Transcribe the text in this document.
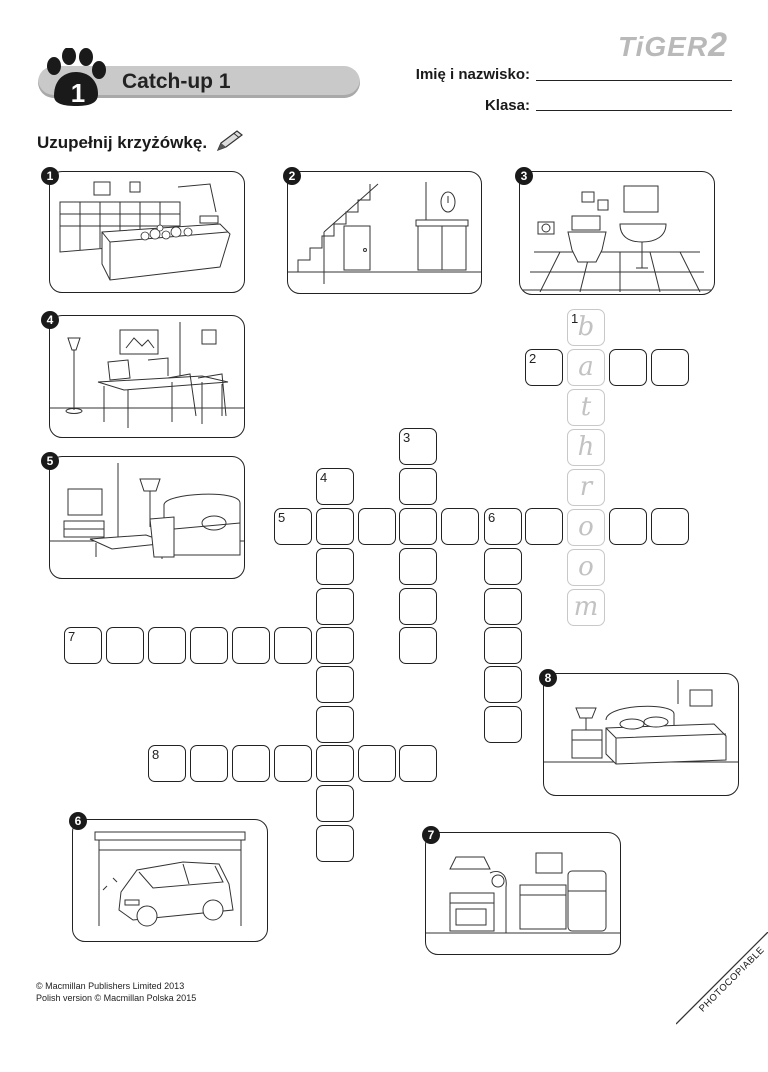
1	Catch-up 1
TiGER2
Imię i nazwisko:
Klasa:
Uzupełnij krzyżówkę.
1	2	3
4
5
6
7
8
b
a
t
h
r
o
o
m
1
2
3
4
5	6
7
8
© Macmillan Publishers Limited 2013
Polish version © Macmillan Polska 2015	PHOTOCOPIABLE
